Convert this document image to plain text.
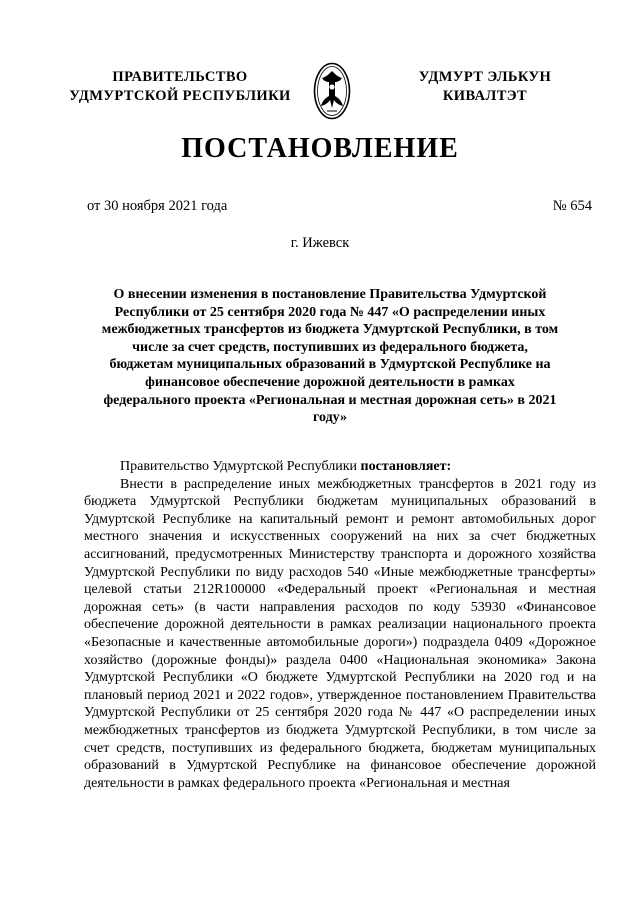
ПРАВИТЕЛЬСТВО
УДМУРТСКОЙ РЕСПУБЛИКИ
УДМУРТ ЭЛЬКУН
КИВАЛТЭТ
ПОСТАНОВЛЕНИЕ
от 30 ноября 2021 года	№ 654
г. Ижевск
О внесении изменения в постановление Правительства Удмуртской Республики от 25 сентября 2020 года № 447 «О распределении иных межбюджетных трансфертов из бюджета Удмуртской Республики, в том числе за счет средств, поступивших из федерального бюджета, бюджетам муниципальных образований в Удмуртской Республике на финансовое обеспечение дорожной деятельности в рамках федерального проекта «Региональная и местная дорожная сеть» в 2021 году»

Правительство Удмуртской Республики постановляет:

Внести в распределение иных межбюджетных трансфертов в 2021 году из бюджета Удмуртской Республики бюджетам муниципальных образований в Удмуртской Республике на капитальный ремонт и ремонт автомобильных дорог местного значения и искусственных сооружений на них за счет бюджетных ассигнований, предусмотренных Министерству транспорта и дорожного хозяйства Удмуртской Республики по виду расходов 540 «Иные межбюджетные трансферты» целевой статьи 212R100000 «Федеральный проект «Региональная и местная дорожная сеть» (в части направления расходов по коду 53930 «Финансовое обеспечение дорожной деятельности в рамках реализации национального проекта «Безопасные и качественные автомобильные дороги») подраздела 0409 «Дорожное хозяйство (дорожные фонды)» раздела 0400 «Национальная экономика» Закона Удмуртской Республики «О бюджете Удмуртской Республики на 2020 год и на плановый период 2021 и 2022 годов», утвержденное постановлением Правительства Удмуртской Республики от 25 сентября 2020 года № 447 «О распределении иных межбюджетных трансфертов из бюджета Удмуртской Республики, в том числе за счет средств, поступивших из федерального бюджета, бюджетам муниципальных образований в Удмуртской Республике на финансовое обеспечение дорожной деятельности в рамках федерального проекта «Региональная и местная
